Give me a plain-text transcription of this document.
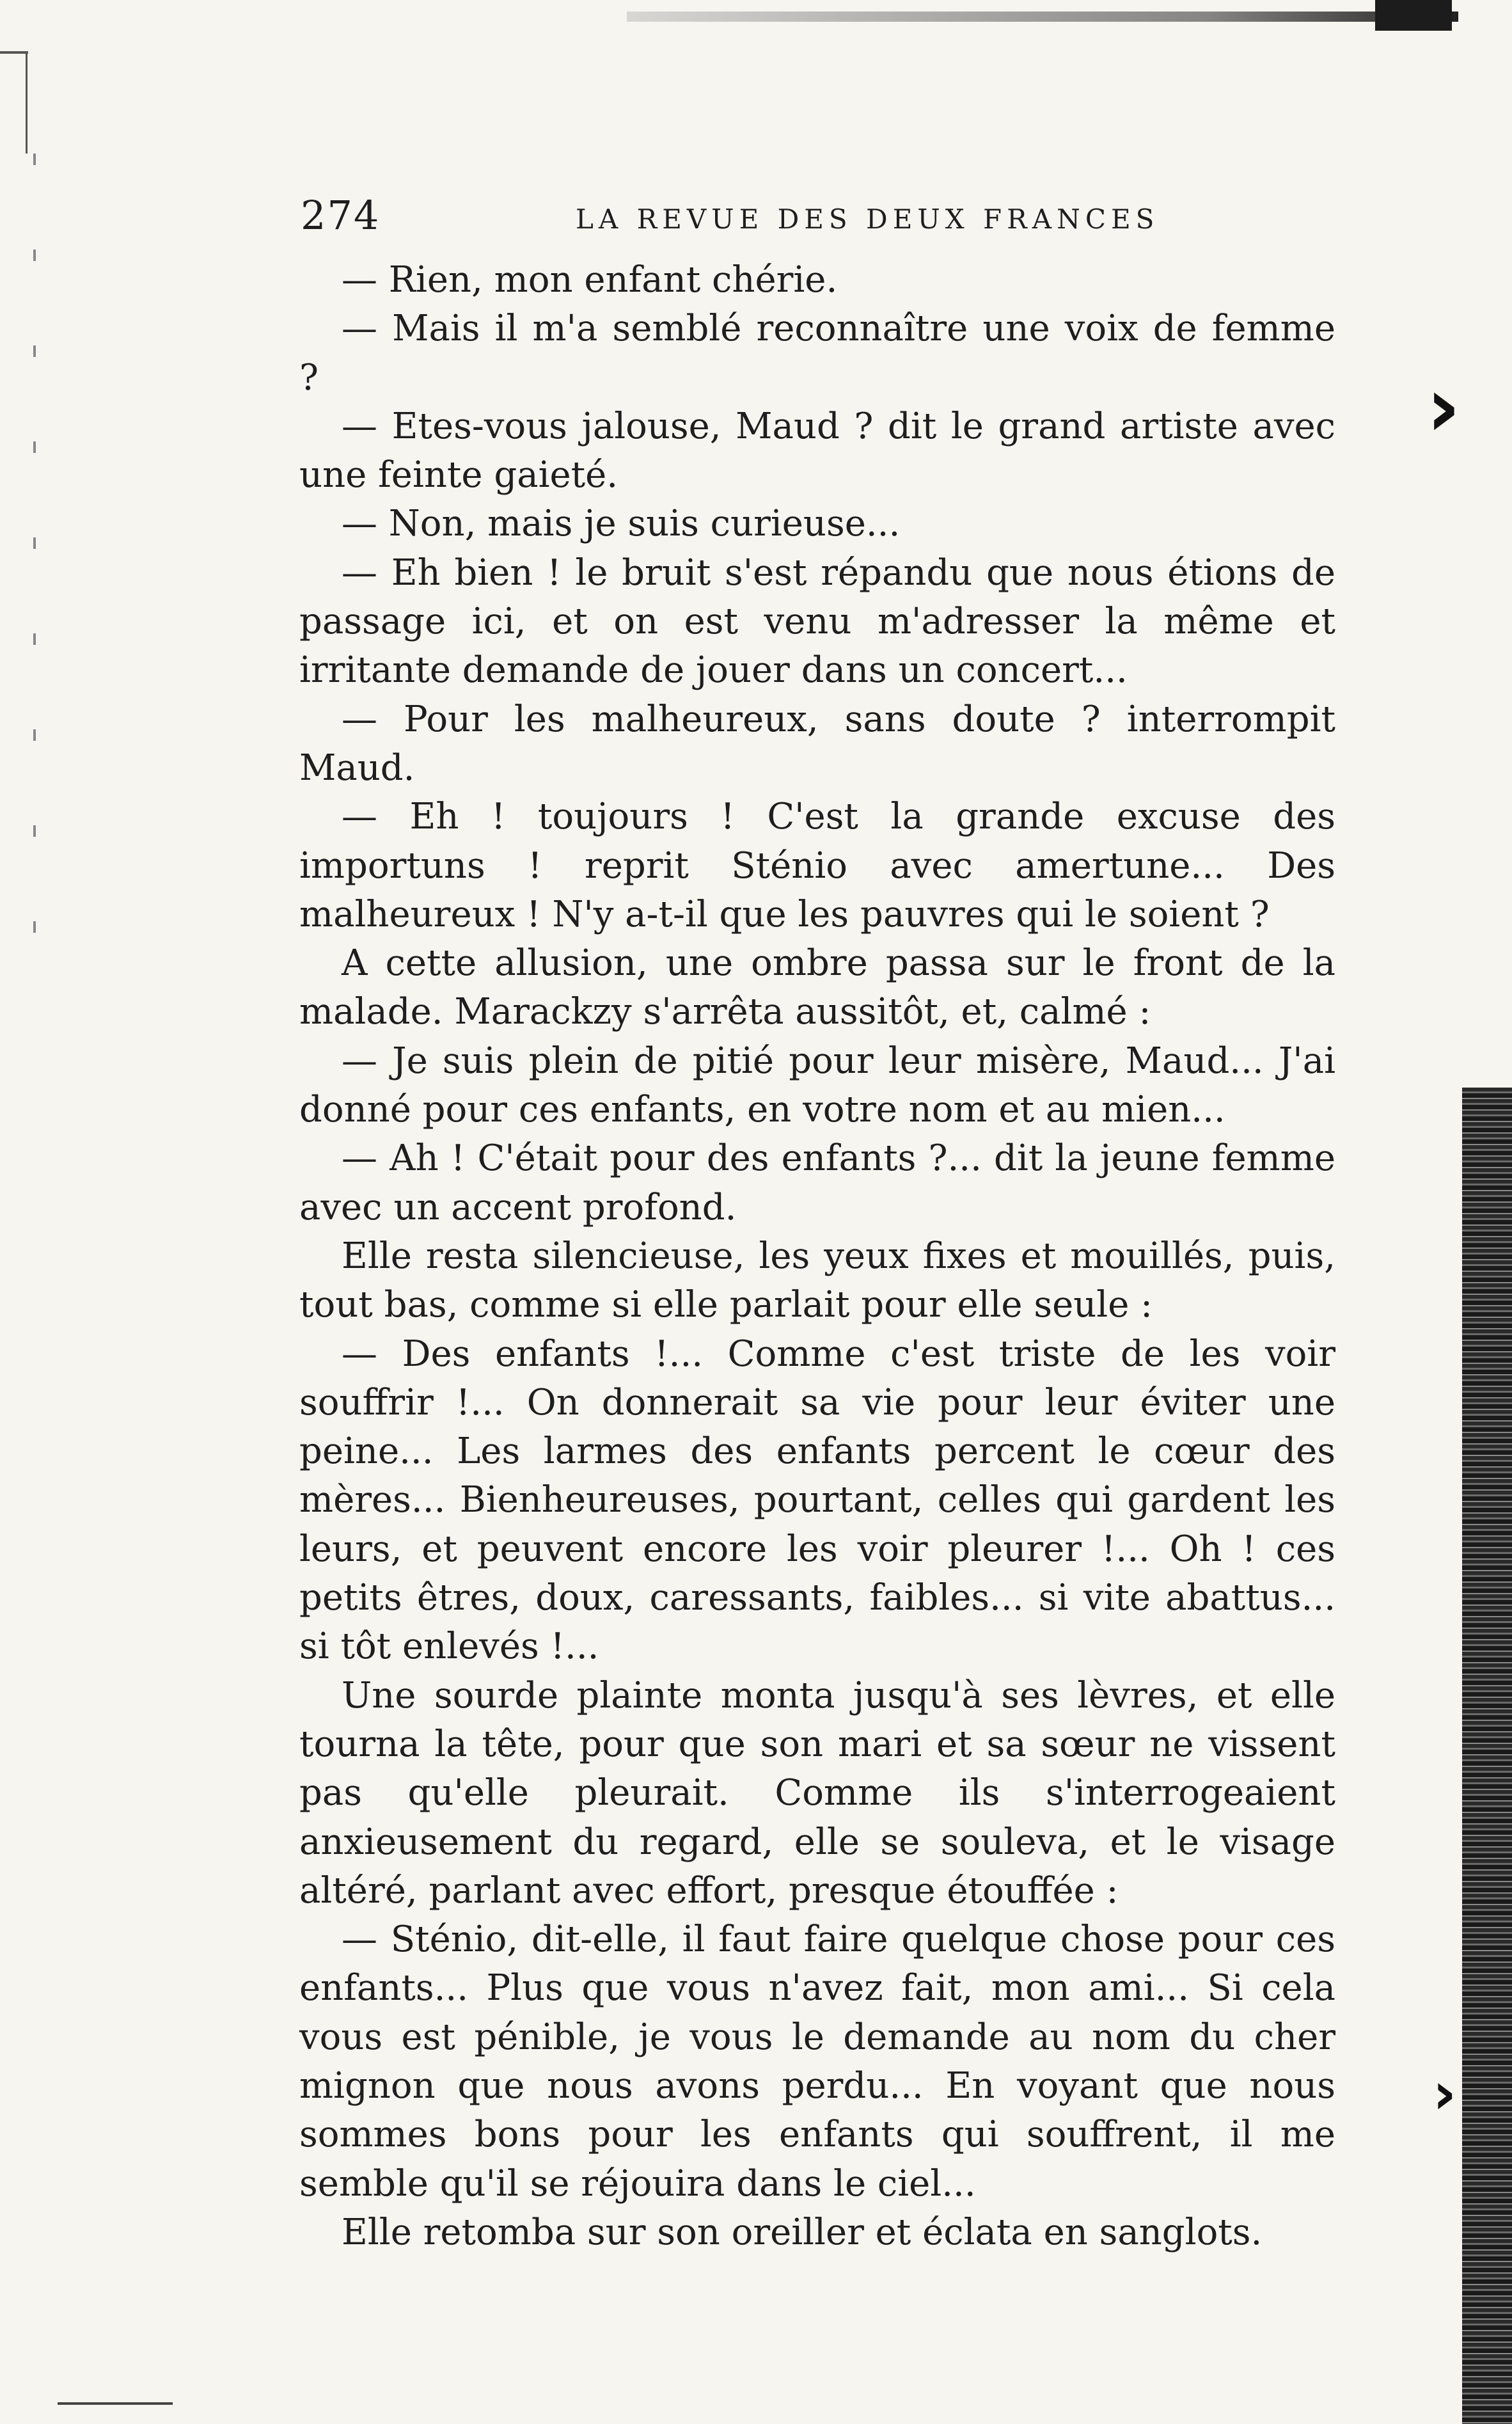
›
›
274	LA REVUE DES DEUX FRANCES

— Rien, mon enfant chérie.

— Mais il m'a semblé reconnaître une voix de femme ?

— Etes-vous jalouse, Maud ? dit le grand artiste avec une feinte gaieté.

— Non, mais je suis curieuse...

— Eh bien ! le bruit s'est répandu que nous étions de passage ici, et on est venu m'adresser la même et irritante demande de jouer dans un concert...

— Pour les malheureux, sans doute ? interrompit Maud.

— Eh ! toujours ! C'est la grande excuse des importuns ! reprit Sténio avec amertune... Des malheureux ! N'y a-t-il que les pauvres qui le soient ?

A cette allusion, une ombre passa sur le front de la malade. Marackzy s'arrêta aussitôt, et, calmé :

— Je suis plein de pitié pour leur misère, Maud... J'ai donné pour ces enfants, en votre nom et au mien...

— Ah ! C'était pour des enfants ?... dit la jeune femme avec un accent profond.

Elle resta silencieuse, les yeux fixes et mouillés, puis, tout bas, comme si elle parlait pour elle seule :

— Des enfants !... Comme c'est triste de les voir souffrir !... On donnerait sa vie pour leur éviter une peine... Les larmes des enfants percent le cœur des mères... Bienheureuses, pourtant, celles qui gardent les leurs, et peuvent encore les voir pleurer !... Oh ! ces petits êtres, doux, caressants, faibles... si vite abattus... si tôt enlevés !...

Une sourde plainte monta jusqu'à ses lèvres, et elle tourna la tête, pour que son mari et sa sœur ne vissent pas qu'elle pleurait. Comme ils s'interrogeaient anxieusement du regard, elle se souleva, et le visage altéré, parlant avec effort, presque étouffée :

— Sténio, dit-elle, il faut faire quelque chose pour ces enfants... Plus que vous n'avez fait, mon ami... Si cela vous est pénible, je vous le demande au nom du cher mignon que nous avons perdu... En voyant que nous sommes bons pour les enfants qui souffrent, il me semble qu'il se réjouira dans le ciel...

Elle retomba sur son oreiller et éclata en sanglots.
